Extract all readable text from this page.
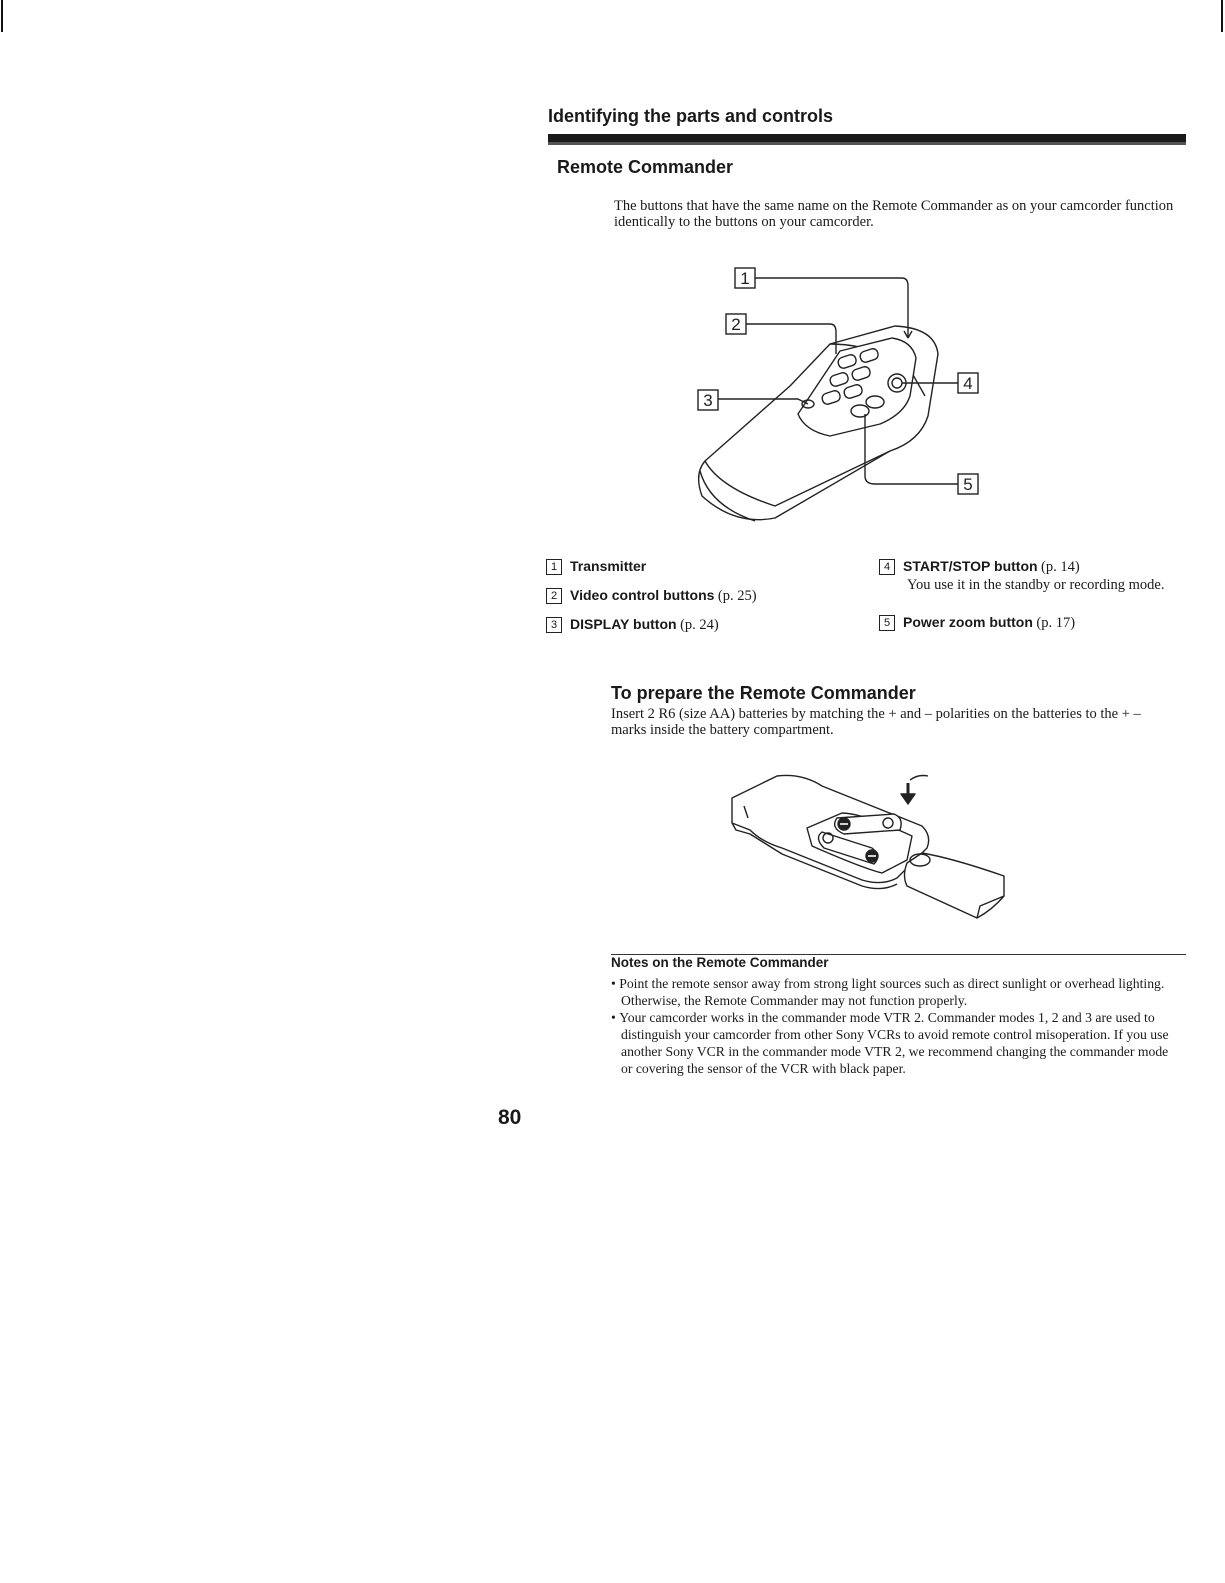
Identifying the parts and controls
Remote Commander
The buttons that have the same name on the Remote Commander as on your camcorder function identically to the buttons on your camcorder.
1
2
3
4
5
1 Transmitter
2 Video control buttons (p. 25)
3 DISPLAY button (p. 24)
4 START/STOP button (p. 14)
You use it in the standby or recording mode.
5 Power zoom button (p. 17)
To prepare the Remote Commander
Insert 2 R6 (size AA) batteries by matching the + and – polarities on the batteries to the + – marks inside the battery compartment.
Notes on the Remote Commander
• Point the remote sensor away from strong light sources such as direct sunlight or overhead lighting. Otherwise, the Remote Commander may not function properly.
• Your camcorder works in the commander mode VTR 2. Commander modes 1, 2 and 3 are used to distinguish your camcorder from other Sony VCRs to avoid remote control misoperation. If you use another Sony VCR in the commander mode VTR 2, we recommend changing the commander mode or covering the sensor of the VCR with black paper.
80
